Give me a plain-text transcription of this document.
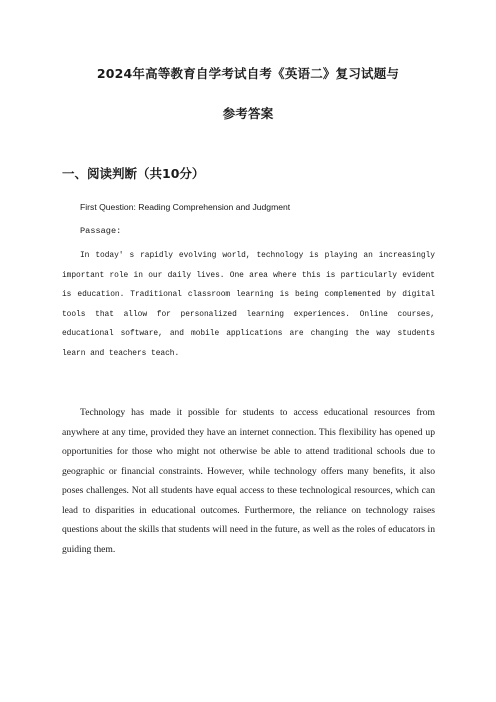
2024年高等教育自学考试自考《英语二》复习试题与
参考答案
一、阅读判断（共10分）
First Question: Reading Comprehension and Judgment
Passage:

In today' s rapidly evolving world, technology is playing an increasingly important role in our daily lives. One area where this is particularly evident is education. Traditional classroom learning is being complemented by digital tools that allow for personalized learning experiences. Online courses, educational software, and mobile applications are changing the way students learn and teachers teach.

Technology has made it possible for students to access educational resources from anywhere at any time, provided they have an internet connection. This flexibility has opened up opportunities for those who might not otherwise be able to attend traditional schools due to geographic or financial constraints. However, while technology offers many benefits, it also poses challenges. Not all students have equal access to these technological resources, which can lead to disparities in educational outcomes. Furthermore, the reliance on technology raises questions about the skills that students will need in the future, as well as the roles of educators in guiding them.
